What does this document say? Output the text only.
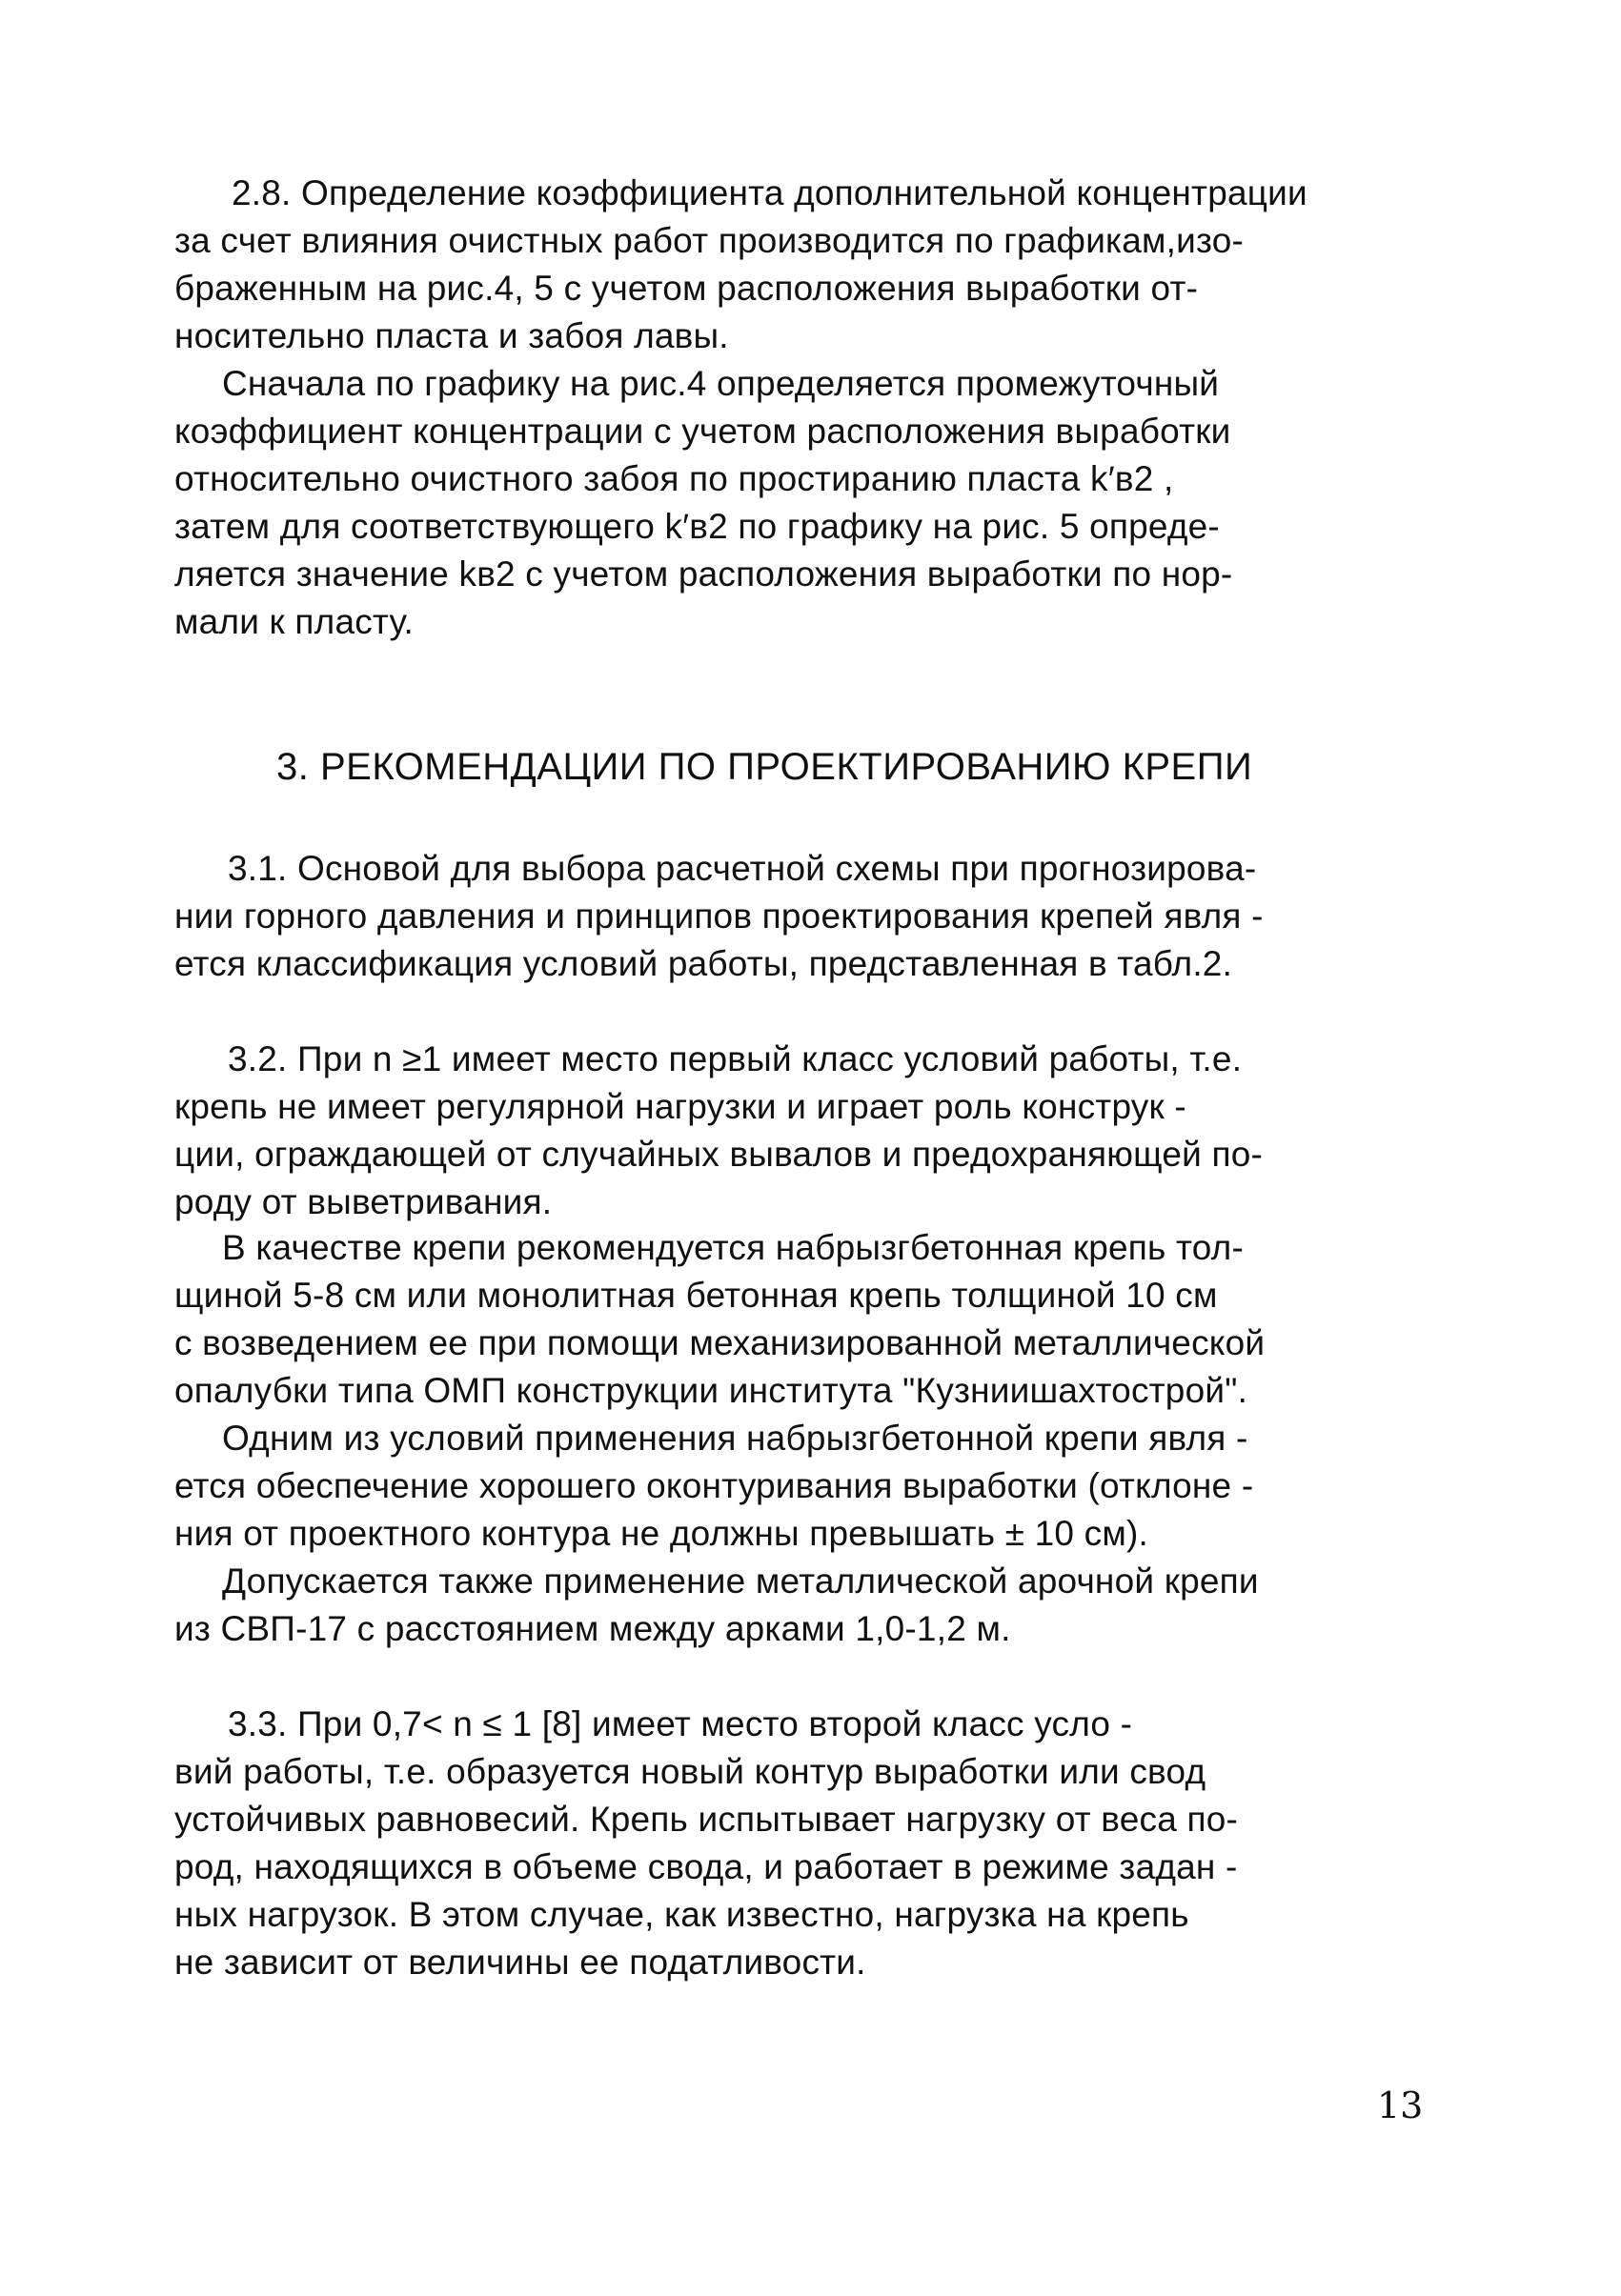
2.8. Определение коэффициента дополнительной концентрации
за счет влияния очистных работ производится по графикам,изо-
браженным на рис.4, 5 с учетом расположения выработки от-
носительно пласта и забоя лавы.
Сначала по графику на рис.4 определяется промежуточный
коэффициент концентрации с учетом расположения выработки
относительно очистного забоя по простиранию пласта k′в2 ,
затем для соответствующего k′в2 по графику на рис. 5 опреде-
ляется значение kв2 с учетом расположения выработки по нор-
мали к пласту.
3. РЕКОМЕНДАЦИИ ПО ПРОЕКТИРОВАНИЮ КРЕПИ
3.1. Основой для выбора расчетной схемы при прогнозирова-
нии горного давления и принципов проектирования крепей явля -
ется классификация условий работы, представленная в табл.2.
3.2. При n ≥1 имеет место первый класс условий работы, т.е.
крепь не имеет регулярной нагрузки и играет роль конструк -
ции, ограждающей от случайных вывалов и предохраняющей по-
роду от выветривания.
В качестве крепи рекомендуется набрызгбетонная крепь тол-
щиной 5-8 см или монолитная бетонная крепь толщиной 10 см
с возведением ее при помощи механизированной металлической
опалубки типа ОМП конструкции института "Кузниишахтострой".
Одним из условий применения набрызгбетонной крепи явля -
ется обеспечение хорошего оконтуривания выработки (отклоне -
ния от проектного контура не должны превышать ± 10 см).
Допускается также применение металлической арочной крепи
из СВП-17 с расстоянием между арками 1,0-1,2 м.
3.3. При 0,7< n ≤ 1 [8] имеет место второй класс усло -
вий работы, т.е. образуется новый контур выработки или свод
устойчивых равновесий. Крепь испытывает нагрузку от веса по-
род, находящихся в объеме свода, и работает в режиме задан -
ных нагрузок. В этом случае, как известно, нагрузка на крепь
не зависит от величины ее податливости.
13
